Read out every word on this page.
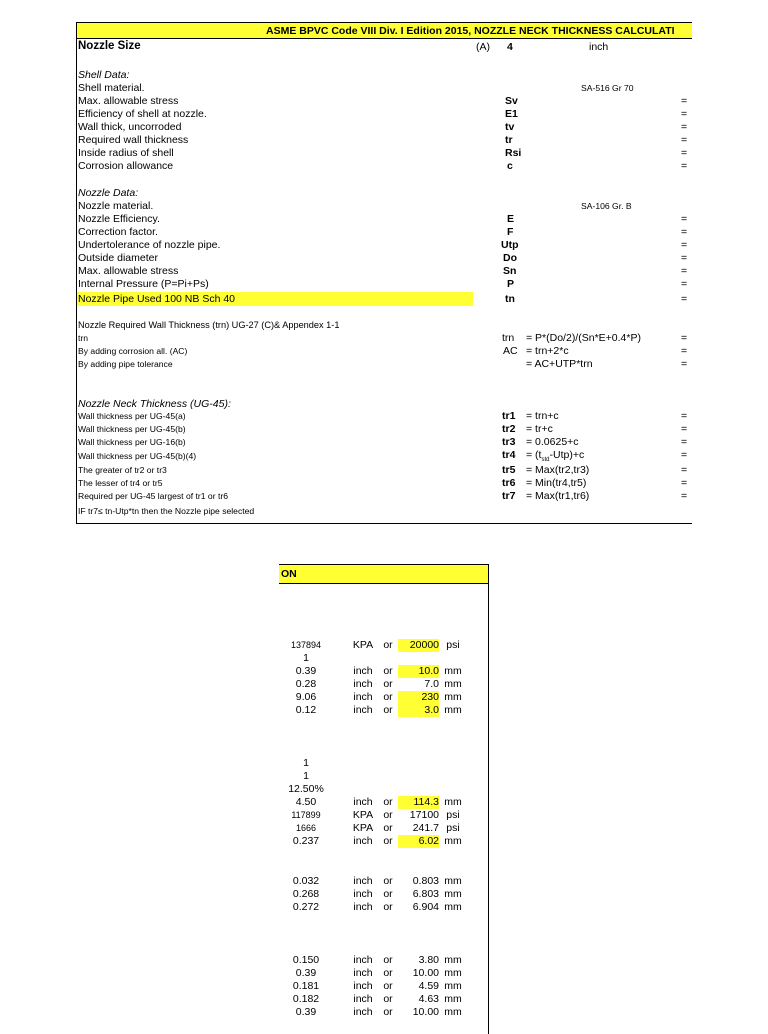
ASME BPVC Code VIII Div. I Edition 2015, NOZZLE NECK THICKNESS CALCULATI
Nozzle Size	(A) 4	inch
Shell Data:
Shell material.	SA-516 Gr 70
Max. allowable stress	Sv	=
Efficiency of shell at nozzle.	E1	=
Wall thick, uncorroded	tv	=
Required wall thickness	tr	=
Inside radius of shell	Rsi	=
Corrosion allowance	c	=
Nozzle Data:
Nozzle material.	SA-106 Gr. B
Nozzle Efficiency.	E	=
Correction factor.	F	=
Undertolerance of nozzle pipe.	Utp	=
Outside diameter	Do	=
Max. allowable stress	Sn	=
Internal Pressure (P=Pi+Ps)	P	=
Nozzle Pipe Used 100 NB Sch 40	tn	=
Nozzle Required Wall Thickness (trn) UG-27 (C)& Appendex 1-1
trn	trn = P*(Do/2)/(Sn*E+0.4*P)	=
By adding corrosion all. (AC)	AC = trn+2*c	=
By adding pipe tolerance	= AC+UTP*trn	=
Nozzle Neck Thickness (UG-45):
Wall thickness per UG-45(a)	tr1 = trn+c	=
Wall thickness per UG-45(b)	tr2 = tr+c	=
Wall thickness per UG-16(b)	tr3 = 0.0625+c	=
Wall thickness per UG-45(b)(4)	$tr4 = (t_{std}-Utp)+c$	=
The greater of tr2 or tr3	tr5 = Max(tr2,tr3)	=
The lesser of tr4 or tr5	tr6 = Min(tr4,tr5)	=
Required per UG-45 largest of tr1 or tr6	tr7 = Max(tr1,tr6)	=
IF tr7≤ tn-Utp*tn then the Nozzle pipe selected
ON
137894	KPA or	20000 psi
1
0.39	inch	or	10.0 mm
0.28	inch	or	7.0 mm
9.06	inch	or	230 mm
0.12	inch	or	3.0 mm
1
1
12.50%
4.50	inch	or	114.3 mm
117899	KPA or	17100 psi
1666	KPA or	241.7 psi
0.237	inch	or	6.02 mm
0.032	inch	or	0.803 mm
0.268	inch	or	6.803 mm
0.272	inch	or	6.904 mm
0.150	inch	or	3.80 mm
0.39	inch	or	10.00 mm
0.181	inch	or	4.59 mm
0.182	inch	or	4.63 mm
0.39	inch	or	10.00 mm
